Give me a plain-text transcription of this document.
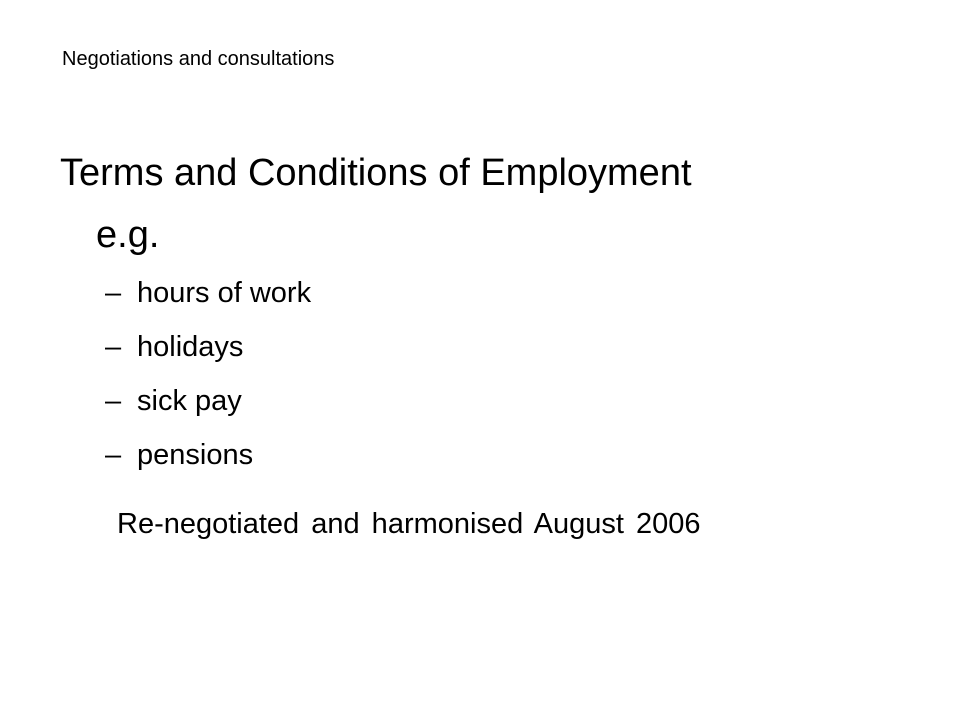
Negotiations and consultations
Terms and Conditions of Employment
e.g.
– hours of work
– holidays
– sick pay
– pensions
Re-negotiated and harmonised August 2006
